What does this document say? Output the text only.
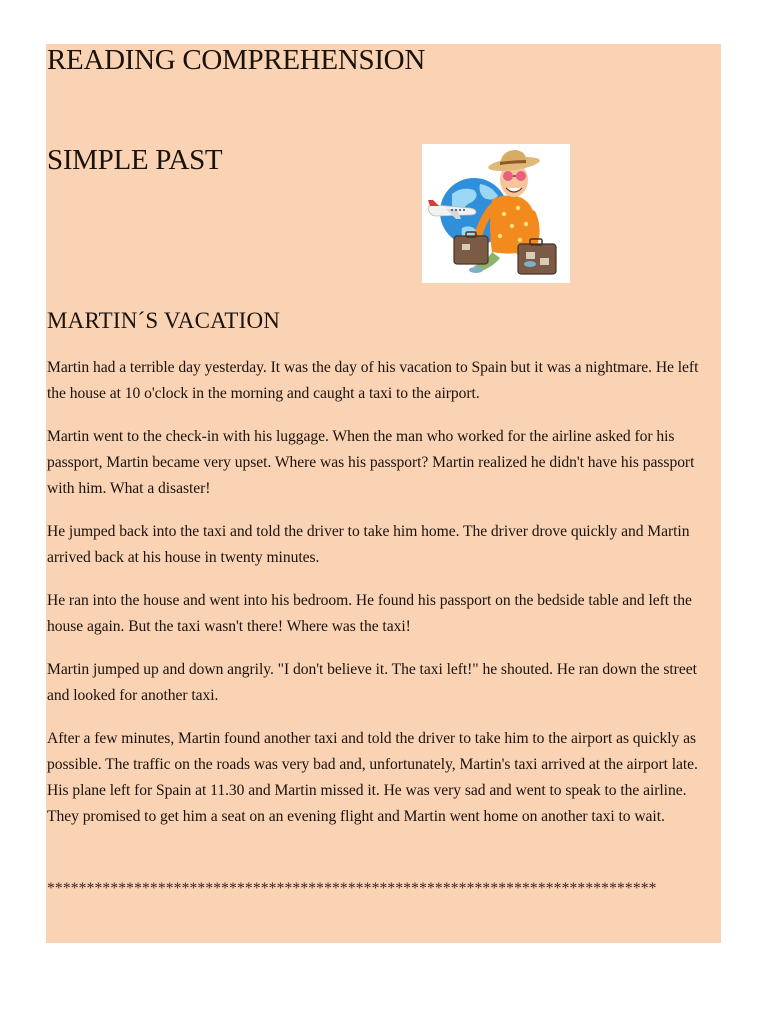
READING COMPREHENSION
SIMPLE PAST
MARTIN´S VACATION

Martin had a terrible day yesterday. It was the day of his vacation to Spain but it was a nightmare. He left the house at 10 o'clock in the morning and caught a taxi to the airport.

Martin went to the check-in with his luggage. When the man who worked for the airline asked for his passport, Martin became very upset. Where was his passport? Martin realized he didn't have his passport with him. What a disaster!

He jumped back into the taxi and told the driver to take him home. The driver drove quickly and Martin arrived back at his house in twenty minutes.

He ran into the house and went into his bedroom. He found his passport on the bedside table and left the house again. But the taxi wasn't there! Where was the taxi!

Martin jumped up and down angrily. "I don't believe it. The taxi left!" he shouted. He ran down the street and looked for another taxi.

After a few minutes, Martin found another taxi and told the driver to take him to the airport as quickly as possible. The traffic on the roads was very bad and, unfortunately, Martin's taxi arrived at the airport late. His plane left for Spain at 11.30 and Martin missed it. He was very sad and went to speak to the airline. They promised to get him a seat on an evening flight and Martin went home on another taxi to wait.

*****************************************************************************
